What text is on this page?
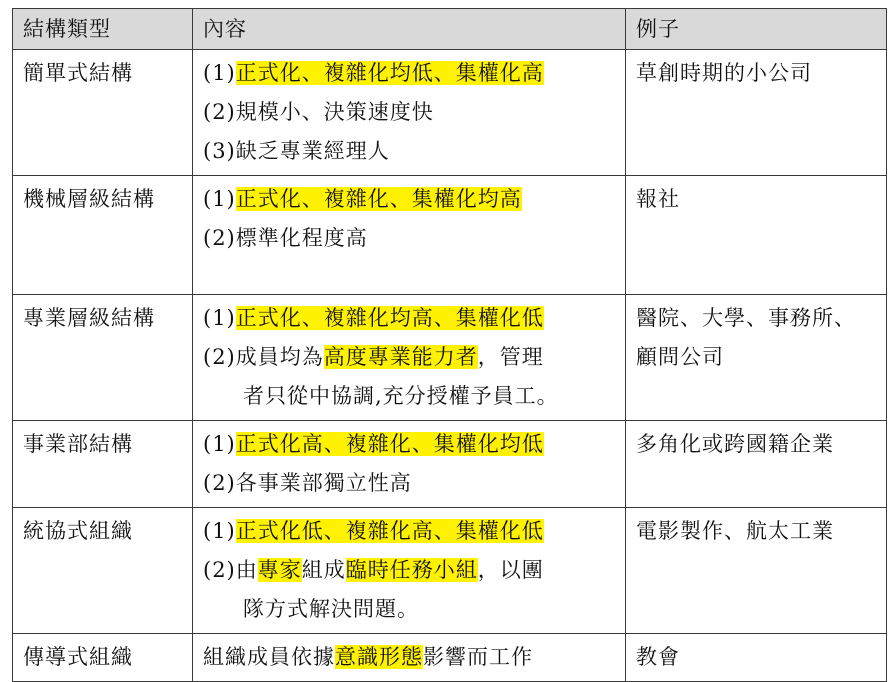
結構類型	內容	例子
簡單式結構	(1)正式化、複雜化均低、集權化高
(2)規模小、決策速度快
(3)缺乏專業經理人	草創時期的小公司

機械層級結構	(1)正式化、複雜化、集權化均高
(2)標準化程度高	報社

專業層級結構	(1)正式化、複雜化均高、集權化低
(2)成員均為高度專業能力者，管理
者只從中協調,充分授權予員工。	醫院、大學、事務所、
顧問公司

事業部結構	(1)正式化高、複雜化、集權化均低
(2)各事業部獨立性高	多角化或跨國籍企業

統協式組織	(1)正式化低、複雜化高、集權化低
(2)由專家組成臨時任務小組，以團
隊方式解決問題。	電影製作、航太工業

傳導式組織	組織成員依據意識形態影響而工作	教會
